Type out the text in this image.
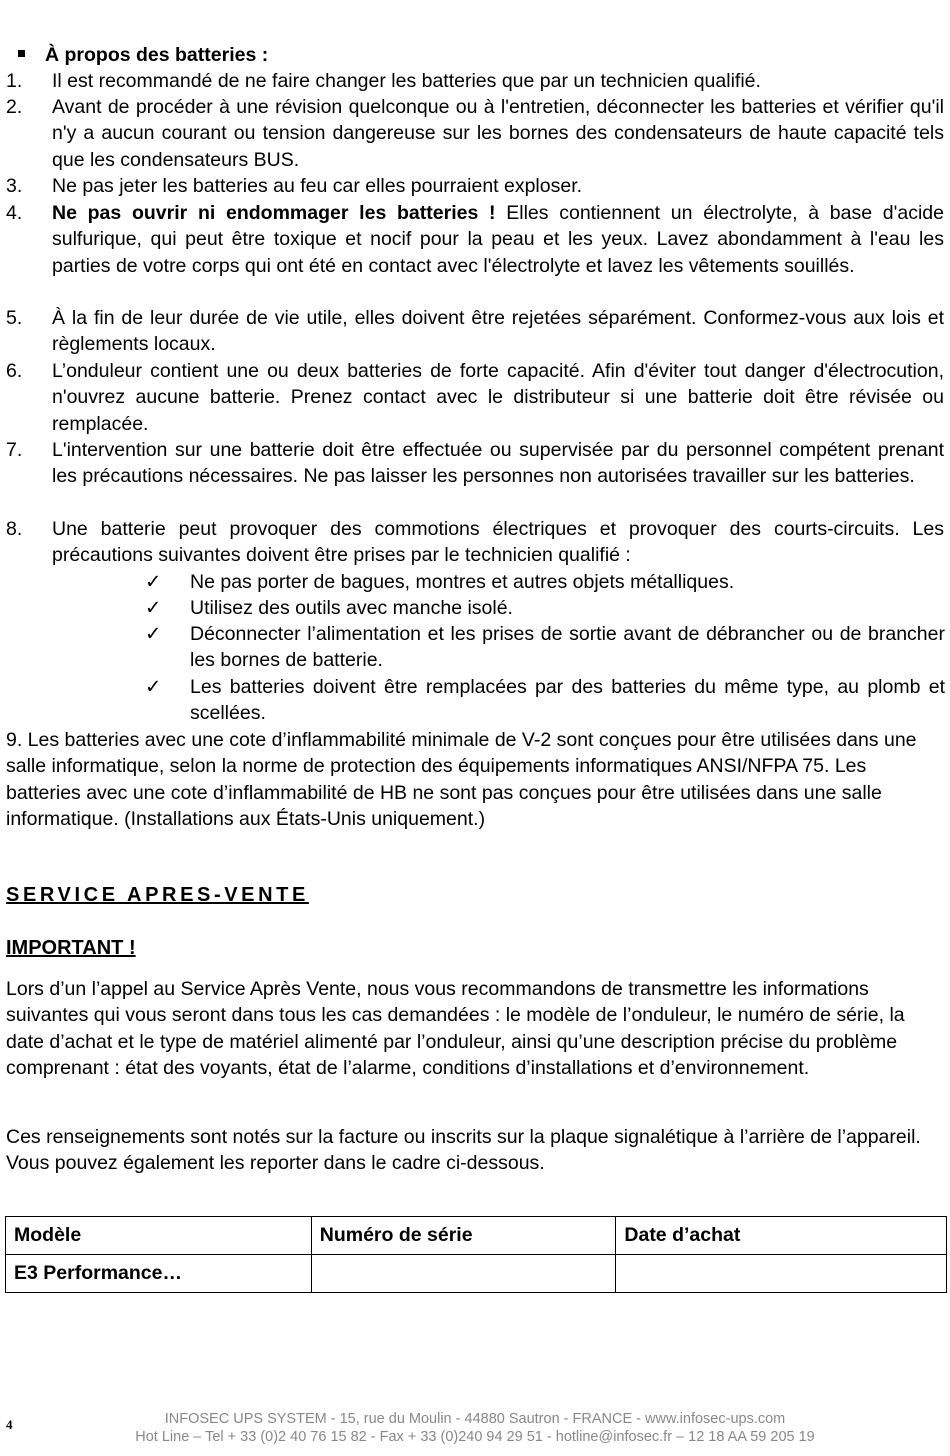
À propos des batteries :
1.	Il est recommandé de ne faire changer les batteries que par un technicien qualifié.
2.	Avant de procéder à une révision quelconque ou à l'entretien, déconnecter les batteries et vérifier qu'il n'y a aucun courant ou tension dangereuse sur les bornes des condensateurs de haute capacité tels que les condensateurs BUS.
3.	Ne pas jeter les batteries au feu car elles pourraient exploser.
4.	Ne pas ouvrir ni endommager les batteries ! Elles contiennent un électrolyte, à base d'acide sulfurique, qui peut être toxique et nocif pour la peau et les yeux. Lavez abondamment à l'eau les parties de votre corps qui ont été en contact avec l'électrolyte et lavez les vêtements souillés.
5.	À la fin de leur durée de vie utile, elles doivent être rejetées séparément. Conformez-vous aux lois et règlements locaux.
6.	L’onduleur contient une ou deux batteries de forte capacité. Afin d'éviter tout danger d'électrocution, n'ouvrez aucune batterie. Prenez contact avec le distributeur si une batterie doit être révisée ou remplacée.
7.	L'intervention sur une batterie doit être effectuée ou supervisée par du personnel compétent prenant les précautions nécessaires. Ne pas laisser les personnes non autorisées travailler sur les batteries.
8.	Une batterie peut provoquer des commotions électriques et provoquer des courts-circuits. Les précautions suivantes doivent être prises par le technicien qualifié :
✓	Ne pas porter de bagues, montres et autres objets métalliques.
✓	Utilisez des outils avec manche isolé.
✓	Déconnecter l’alimentation et les prises de sortie avant de débrancher ou de brancher les bornes de batterie.
✓	Les batteries doivent être remplacées par des batteries du même type, au plomb et scellées.
9. Les batteries avec une cote d’inflammabilité minimale de V-2 sont conçues pour être utilisées dans une salle informatique, selon la norme de protection des équipements informatiques ANSI/NFPA 75. Les batteries avec une cote d’inflammabilité de HB ne sont pas conçues pour être utilisées dans une salle informatique. (Installations aux États-Unis uniquement.)
SERVICE APRES-VENTE
IMPORTANT !
Lors d’un l’appel au Service Après Vente, nous vous recommandons de transmettre les informations suivantes qui vous seront dans tous les cas demandées : le modèle de l’onduleur, le numéro de série, la date d’achat et le type de matériel alimenté par l’onduleur, ainsi qu’une description précise du problème comprenant : état des voyants, état de l’alarme, conditions d’installations et d’environnement.
Ces renseignements sont notés sur la facture ou inscrits sur la plaque signalétique à l’arrière de l’appareil. Vous pouvez également les reporter dans le cadre ci-dessous.
Modèle	Numéro de série	Date d’achat
E3 Performance…		
4	INFOSEC UPS SYSTEM - 15, rue du Moulin - 44880 Sautron - FRANCE - www.infosec-ups.com
Hot Line – Tel + 33 (0)2 40 76 15 82 - Fax + 33 (0)240 94 29 51 - hotline@infosec.fr – 12 18 AA 59 205 19
